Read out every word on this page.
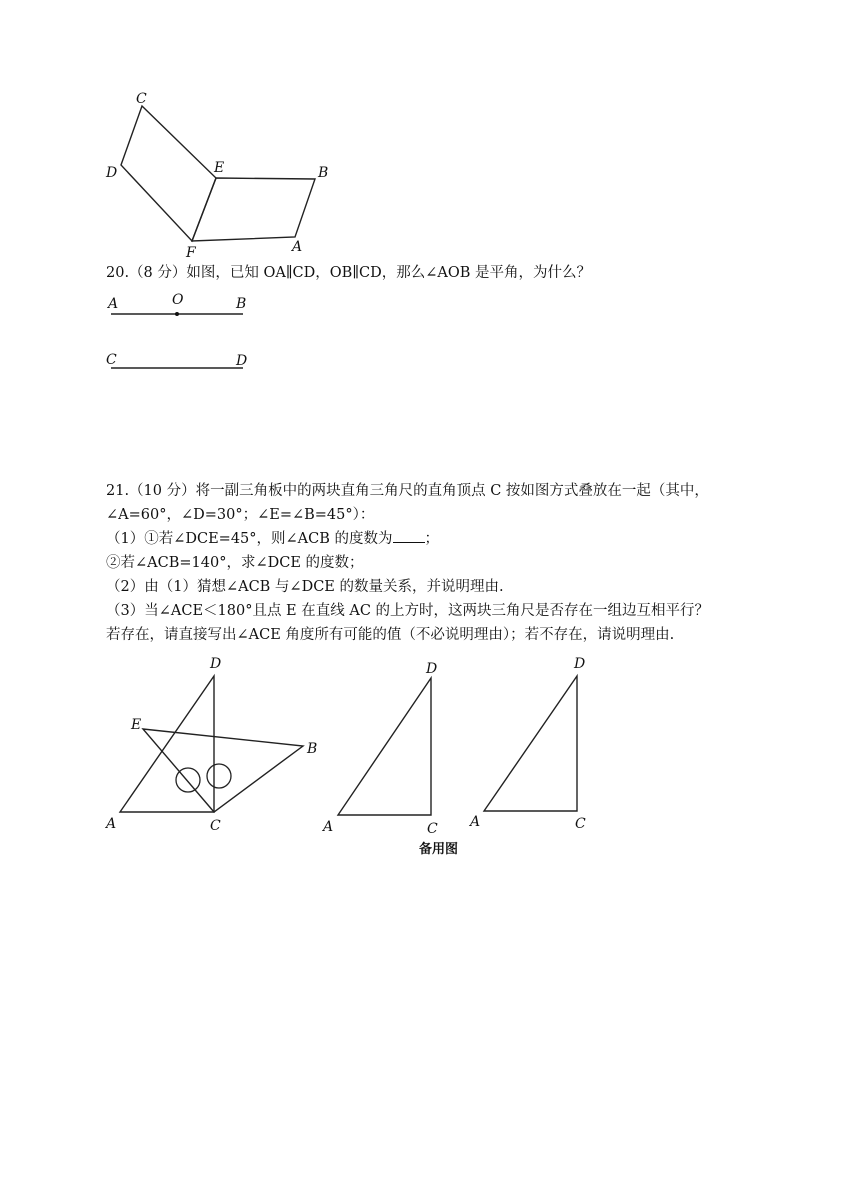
C
D	E	B
F	A
20.（8 分）如图，已知 OA∥CD，OB∥CD，那么∠AOB 是平角，为什么？
A	O	B
C	D
21.（10 分）将一副三角板中的两块直角三角尺的直角顶点 C 按如图方式叠放在一起（其中，
∠A=60°，∠D=30°；∠E=∠B=45°）：
（1）①若∠DCE=45°，则∠ACB 的度数为 ；
②若∠ACB=140°，求∠DCE 的度数；
（2）由（1）猜想∠ACB 与∠DCE 的数量关系，并说明理由.
（3）当∠ACE＜180°且点 E 在直线 AC 的上方时，这两块三角尺是否存在一组边互相平行？
若存在，请直接写出∠ACE 角度所有可能的值（不必说明理由）；若不存在，请说明理由.
D
E
B
A	C
D
A	C
D
A	C
备用图
